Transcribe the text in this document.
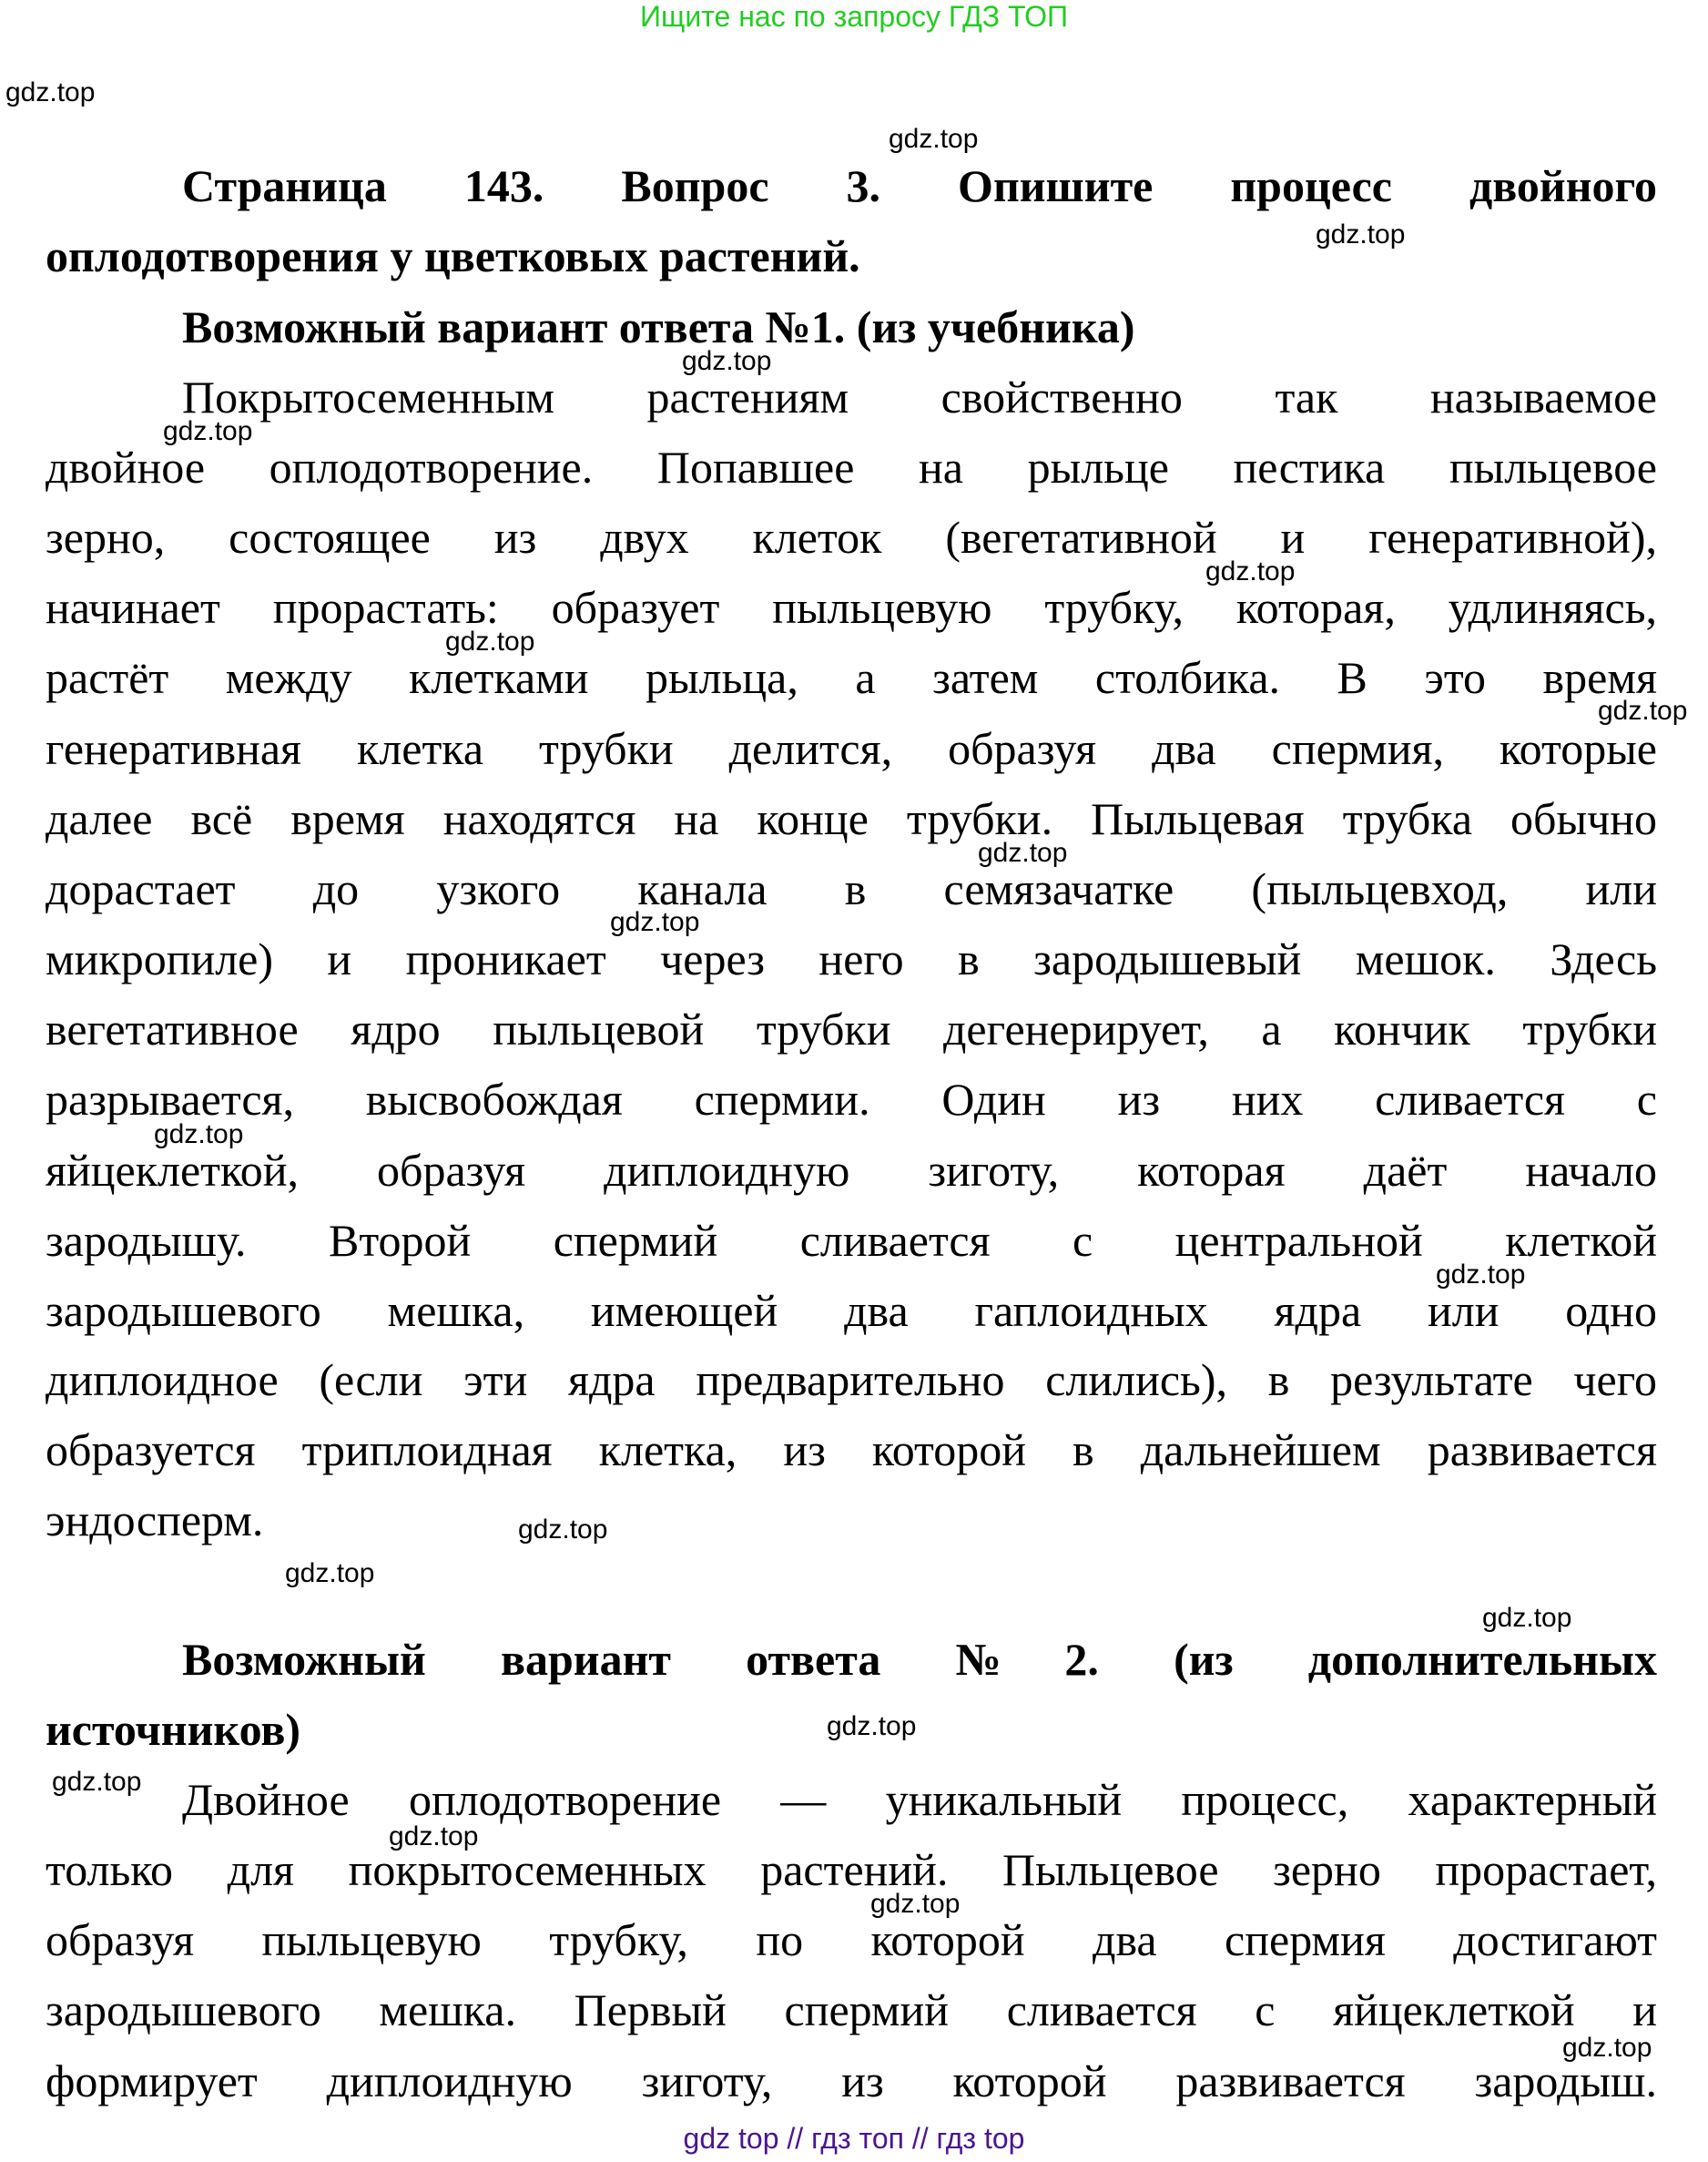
Ищите нас по запросу ГДЗ ТОП
Страница 143. Вопрос 3. Опишите процесс двойного
оплодотворения у цветковых растений.
Возможный вариант ответа №1. (из учебника)
Покрытосеменным растениям свойственно так называемое
двойное оплодотворение. Попавшее на рыльце пестика пыльцевое
зерно, состоящее из двух клеток (вегетативной и генеративной),
начинает прорастать: образует пыльцевую трубку, которая, удлиняясь,
растёт между клетками рыльца, а затем столбика. В это время
генеративная клетка трубки делится, образуя два спермия, которые
далее всё время находятся на конце трубки. Пыльцевая трубка обычно
дорастает до узкого канала в семязачатке (пыльцевход, или
микропиле) и проникает через него в зародышевый мешок. Здесь
вегетативное ядро пыльцевой трубки дегенерирует, а кончик трубки
разрывается, высвобождая спермии. Один из них сливается с
яйцеклеткой, образуя диплоидную зиготу, которая даёт начало
зародышу. Второй спермий сливается с центральной клеткой
зародышевого мешка, имеющей два гаплоидных ядра или одно
диплоидное (если эти ядра предварительно слились), в результате чего
образуется триплоидная клетка, из которой в дальнейшем развивается
эндосперм.
Возможный вариант ответа №2. (из дополнительных
источников)
Двойное оплодотворение — уникальный процесс, характерный
только для покрытосеменных растений. Пыльцевое зерно прорастает,
образуя пыльцевую трубку, по которой два спермия достигают
зародышевого мешка. Первый спермий сливается с яйцеклеткой и
формирует диплоидную зиготу, из которой развивается зародыш.
gdz.top
gdz.top
gdz.top
gdz.top
gdz.top
gdz.top
gdz.top
gdz.top
gdz.top
gdz.top
gdz.top
gdz.top
gdz.top
gdz.top
gdz.top
gdz.top
gdz.top
gdz.top
gdz.top
gdz.top
gdz top // гдз топ // гдз top
